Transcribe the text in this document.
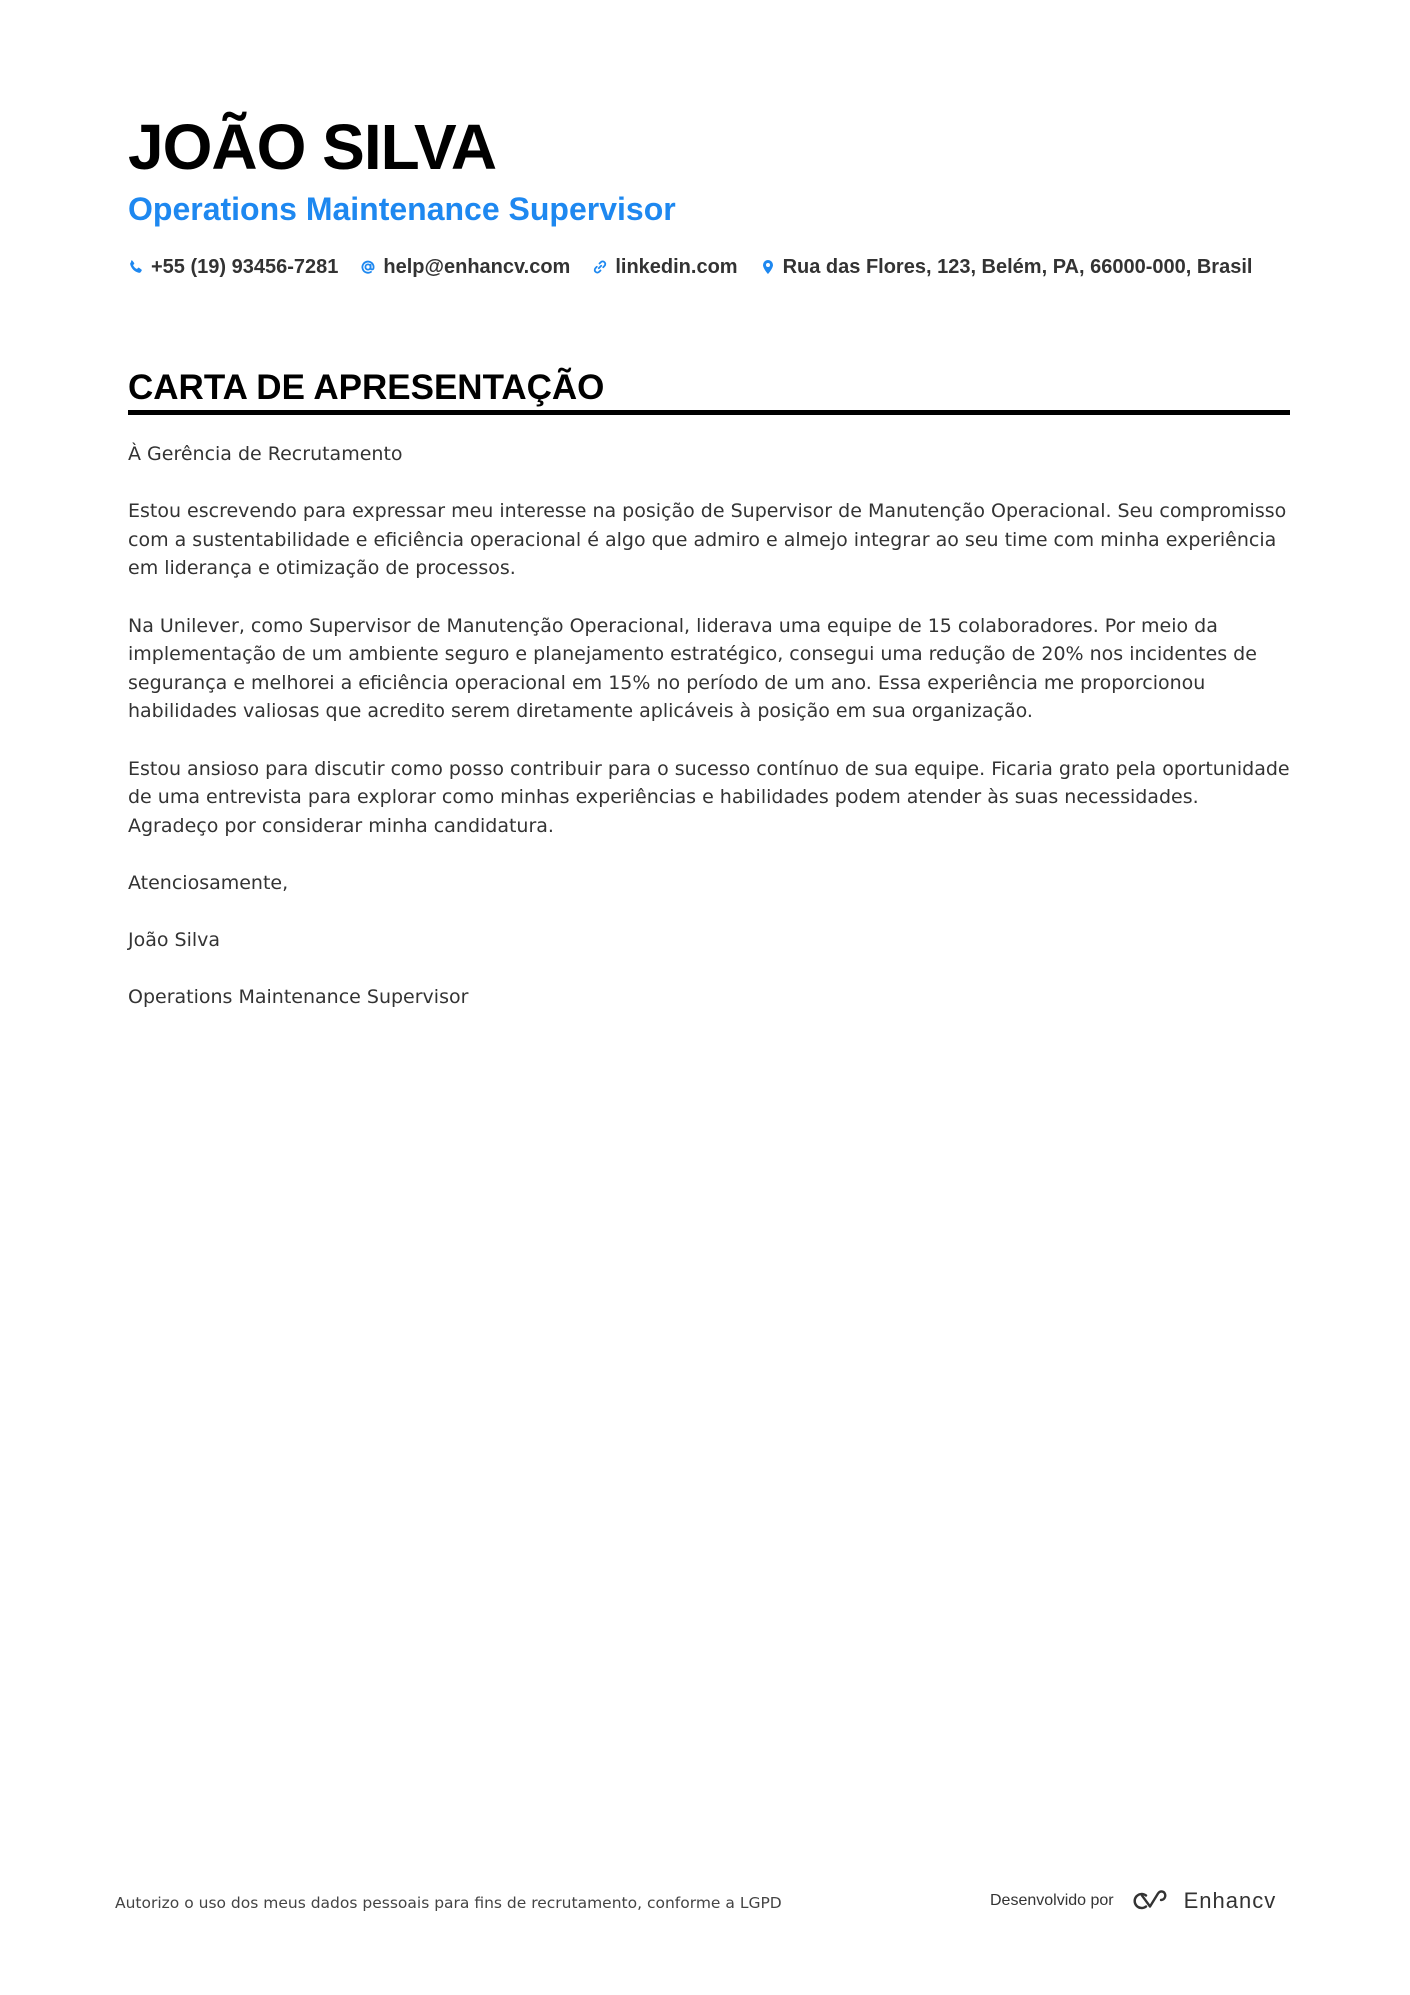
JOÃO SILVA
Operations Maintenance Supervisor
+55 (19) 93456-7281 help@enhancv.com linkedin.com Rua das Flores, 123, Belém, PA, 66000-000, Brasil
CARTA DE APRESENTAÇÃO

À Gerência de Recrutamento

Estou escrevendo para expressar meu interesse na posição de Supervisor de Manutenção Operacional. Seu compromisso com a sustentabilidade e eficiência operacional é algo que admiro e almejo integrar ao seu time com minha experiência em liderança e otimização de processos.

Na Unilever, como Supervisor de Manutenção Operacional, liderava uma equipe de 15 colaboradores. Por meio da implementação de um ambiente seguro e planejamento estratégico, consegui uma redução de 20% nos incidentes de segurança e melhorei a eficiência operacional em 15% no período de um ano. Essa experiência me proporcionou habilidades valiosas que acredito serem diretamente aplicáveis à posição em sua organização.

Estou ansioso para discutir como posso contribuir para o sucesso contínuo de sua equipe. Ficaria grato pela oportunidade de uma entrevista para explorar como minhas experiências e habilidades podem atender às suas necessidades. Agradeço por considerar minha candidatura.

Atenciosamente,

João Silva

Operations Maintenance Supervisor

Autorizo o uso dos meus dados pessoais para fins de recrutamento, conforme a LGPD	Desenvolvido por	Enhancv
